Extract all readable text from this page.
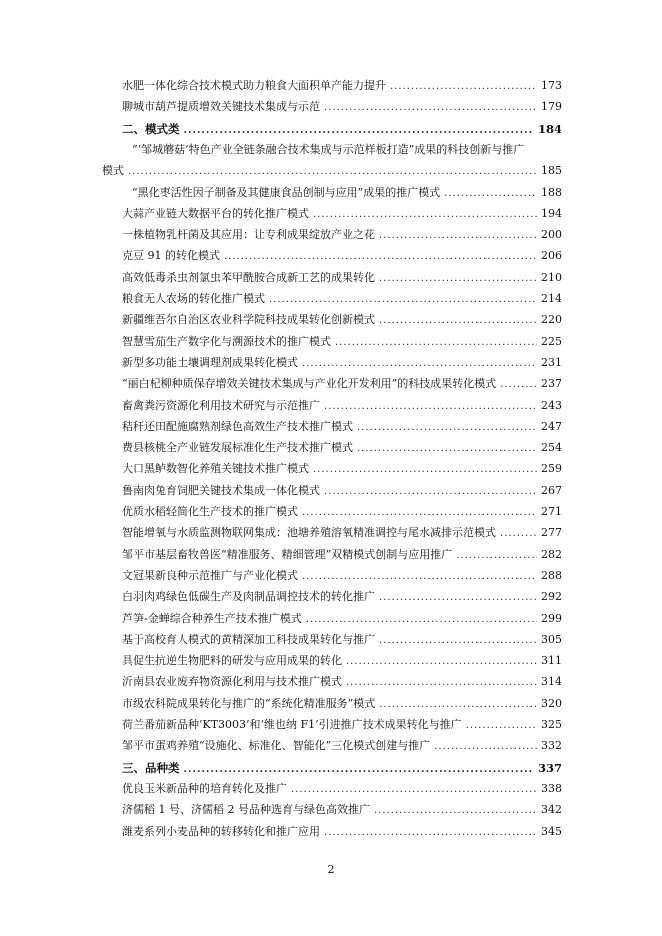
水肥一体化综合技术模式助力粮食大面积单产能力提升 .....	173
聊城市葫芦提质增效关键技术集成与示范 .....	179
二、模式类 .....	184
“‘邹城蘑菇’特色产业全链条融合技术集成与示范样板打造”成果的科技创新与推广
模式 .....	185
“黑化枣活性因子制备及其健康食品创制与应用”成果的推广模式 .....	188
大蒜产业链大数据平台的转化推广模式 .....	194
一株植物乳杆菌及其应用：让专利成果绽放产业之花 .....	200
克豆 91 的转化模式 .....	206
高效低毒杀虫剂氯虫苯甲酰胺合成新工艺的成果转化 .....	210
粮食无人农场的转化推广模式 .....	214
新疆维吾尔自治区农业科学院科技成果转化创新模式 .....	220
智慧雪茄生产数字化与溯源技术的推广模式 .....	225
新型多功能土壤调理剂成果转化模式 .....	231
“丽白杞柳种质保存增效关键技术集成与产业化开发利用”的科技成果转化模式 .....	237
畜禽粪污资源化利用技术研究与示范推广 .....	243
秸秆还田配施腐熟剂绿色高效生产技术推广模式 .....	247
费县核桃全产业链发展标准化生产技术推广模式 .....	254
大口黑鲈数智化养殖关键技术推广模式 .....	259
鲁南肉兔育饲肥关键技术集成一体化模式 .....	267
优质水稻轻简化生产技术的推广模式 .....	271
智能增氧与水质监测物联网集成：池塘养殖溶氧精准调控与尾水减排示范模式 .....	277
邹平市基层畜牧兽医“精准服务、精细管理”双精模式创制与应用推广 .....	282
文冠果新良种示范推广与产业化模式 .....	288
白羽肉鸡绿色低碳生产及肉制品调控技术的转化推广 .....	292
芦笋-金蝉综合种养生产技术推广模式 .....	299
基于高校育人模式的黄精深加工科技成果转化与推广 .....	305
具促生抗逆生物肥料的研发与应用成果的转化 .....	311
沂南县农业废弃物资源化利用与技术推广模式 .....	314
市级农科院成果转化与推广的“系统化精准服务”模式 .....	320
荷兰番茄新品种‘KT3003’和‘维也纳 F1’引进推广技术成果转化与推广 .....	325
邹平市蛋鸡养殖“设施化、标准化、智能化”三化模式创建与推广 .....	332
三、品种类 .....	337
优良玉米新品种的培育转化及推广 .....	338
济儒稻 1 号、济儒稻 2 号品种选育与绿色高效推广 .....	342
潍麦系列小麦品种的转移转化和推广应用 .....	345
2
